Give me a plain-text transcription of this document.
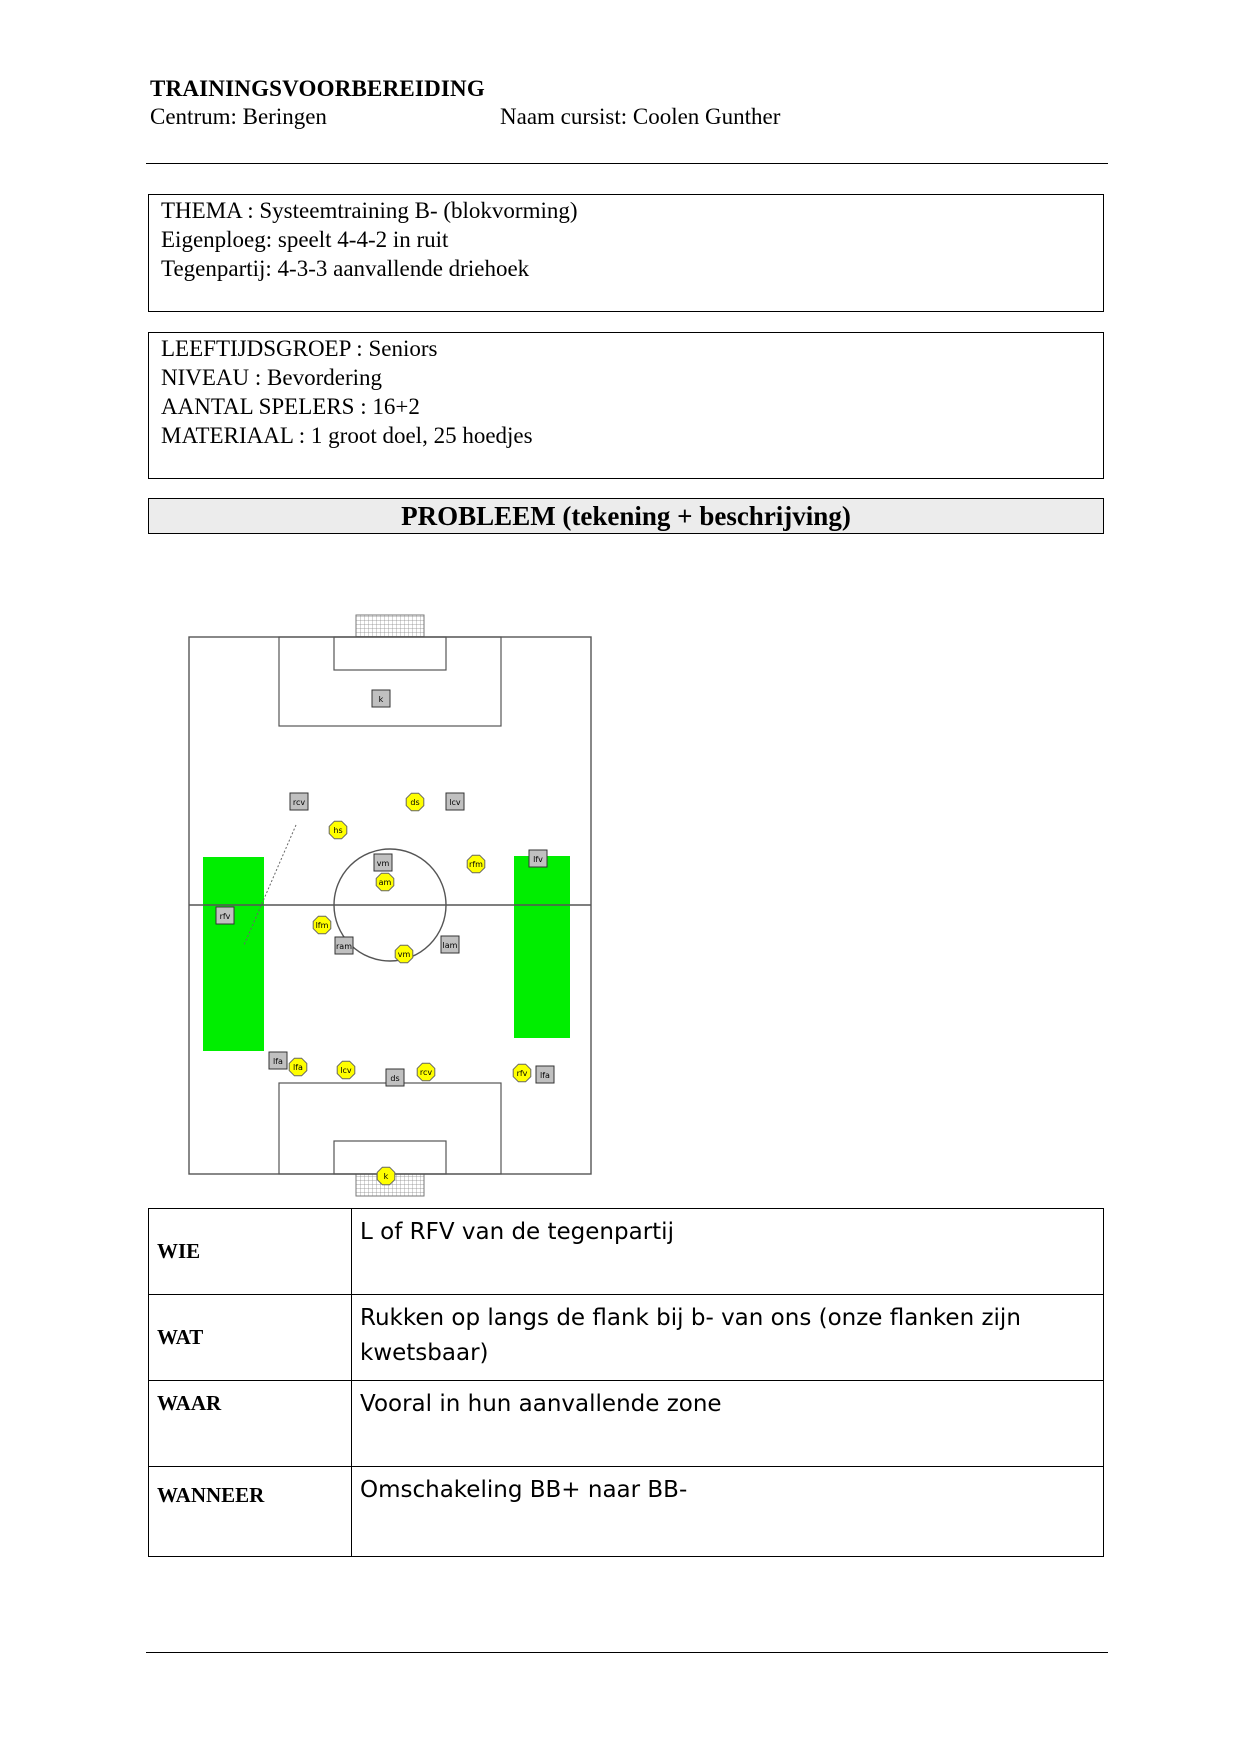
TRAININGSVOORBEREIDING
Centrum: Beringen	Naam cursist: Coolen Gunther
THEMA : Systeemtraining B- (blokvorming)
Eigenploeg: speelt 4-4-2 in ruit
Tegenpartij: 4-3-3 aanvallende driehoek
LEEFTIJDSGROEP : Seniors
NIVEAU : Bevordering
AANTAL SPELERS : 16+2
MATERIAAL : 1 groot doel, 25 hoedjes
PROBLEEM (tekening + beschrijving)
k
rcv	lcv
lfv
vm
rfv
ram	lam
lfa
ds	lfa
ds
hs
rfm
am
lfm
vm
lfa	lcv	rcv	rfv
k
WIE	L of RFV van de tegenpartij
WAT	Rukken op langs de flank bij b- van ons (onze flanken zijn kwetsbaar)
WAAR	Vooral in hun aanvallende zone
WANNEER	Omschakeling BB+ naar BB-
